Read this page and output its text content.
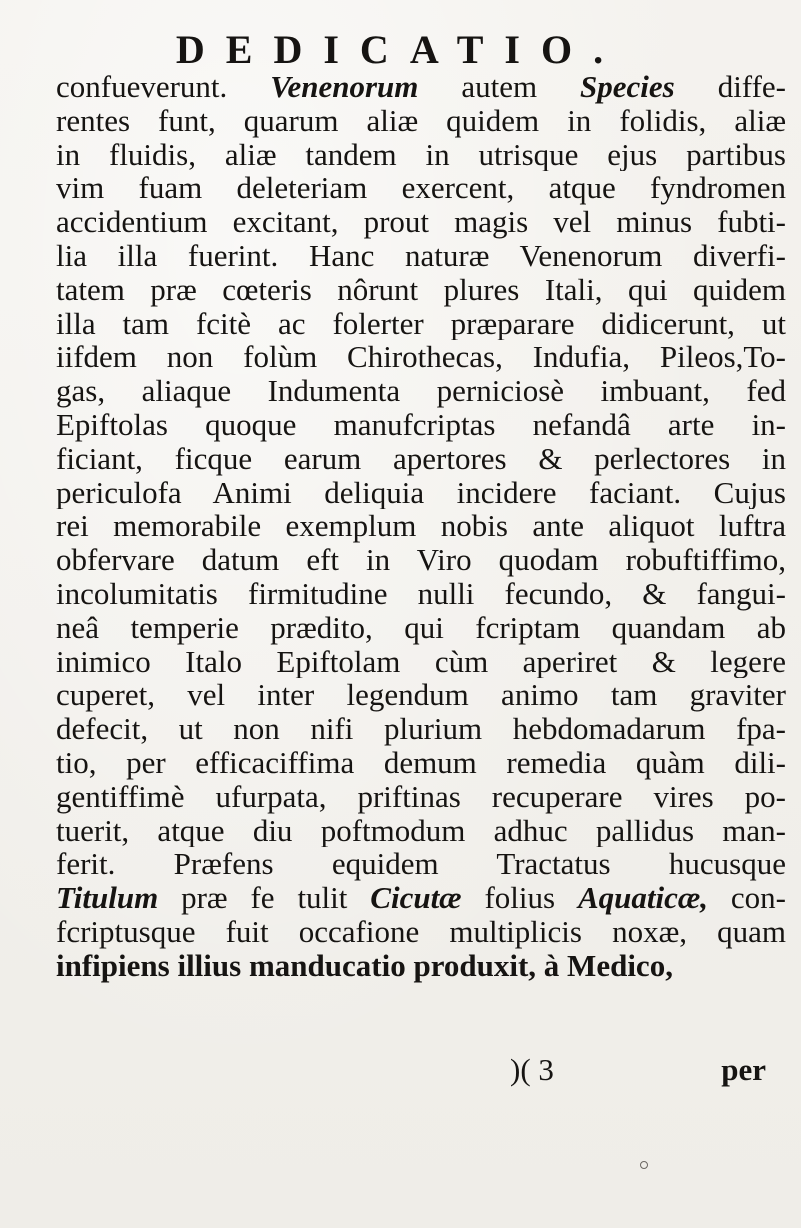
DEDICATIO.
confueverunt. Venenorum autem Species diffe-
rentes funt, quarum aliæ quidem in folidis, aliæ
in fluidis, aliæ tandem in utrisque ejus partibus
vim fuam deleteriam exercent, atque fyndromen
accidentium excitant, prout magis vel minus fubti-
lia illa fuerint. Hanc naturæ Venenorum diverfi-
tatem præ cœteris nôrunt plures Itali, qui quidem
illa tam fcitè ac folerter præparare didicerunt, ut
iifdem non folùm Chirothecas, Indufia, Pileos,To-
gas, aliaque Indumenta perniciosè imbuant, fed
Epiftolas quoque manufcriptas nefandâ arte in-
ficiant, ficque earum apertores & perlectores in
periculofa Animi deliquia incidere faciant. Cujus
rei memorabile exemplum nobis ante aliquot luftra
obfervare datum eft in Viro quodam robuftiffimo,
incolumitatis firmitudine nulli fecundo, & fangui-
neâ temperie prædito, qui fcriptam quandam ab
inimico Italo Epiftolam cùm aperiret & legere
cuperet, vel inter legendum animo tam graviter
defecit, ut non nifi plurium hebdomadarum fpa-
tio, per efficaciffima demum remedia quàm dili-
gentiffimè ufurpata, priftinas recuperare vires po-
tuerit, atque diu poftmodum adhuc pallidus man-
ferit. Præfens equidem Tractatus hucusque
Titulum præ fe tulit Cicutæ folius Aquaticæ, con-
fcriptusque fuit occafione multiplicis noxæ, quam
infipiens illius manducatio produxit, à Medico,
)( 3	per
